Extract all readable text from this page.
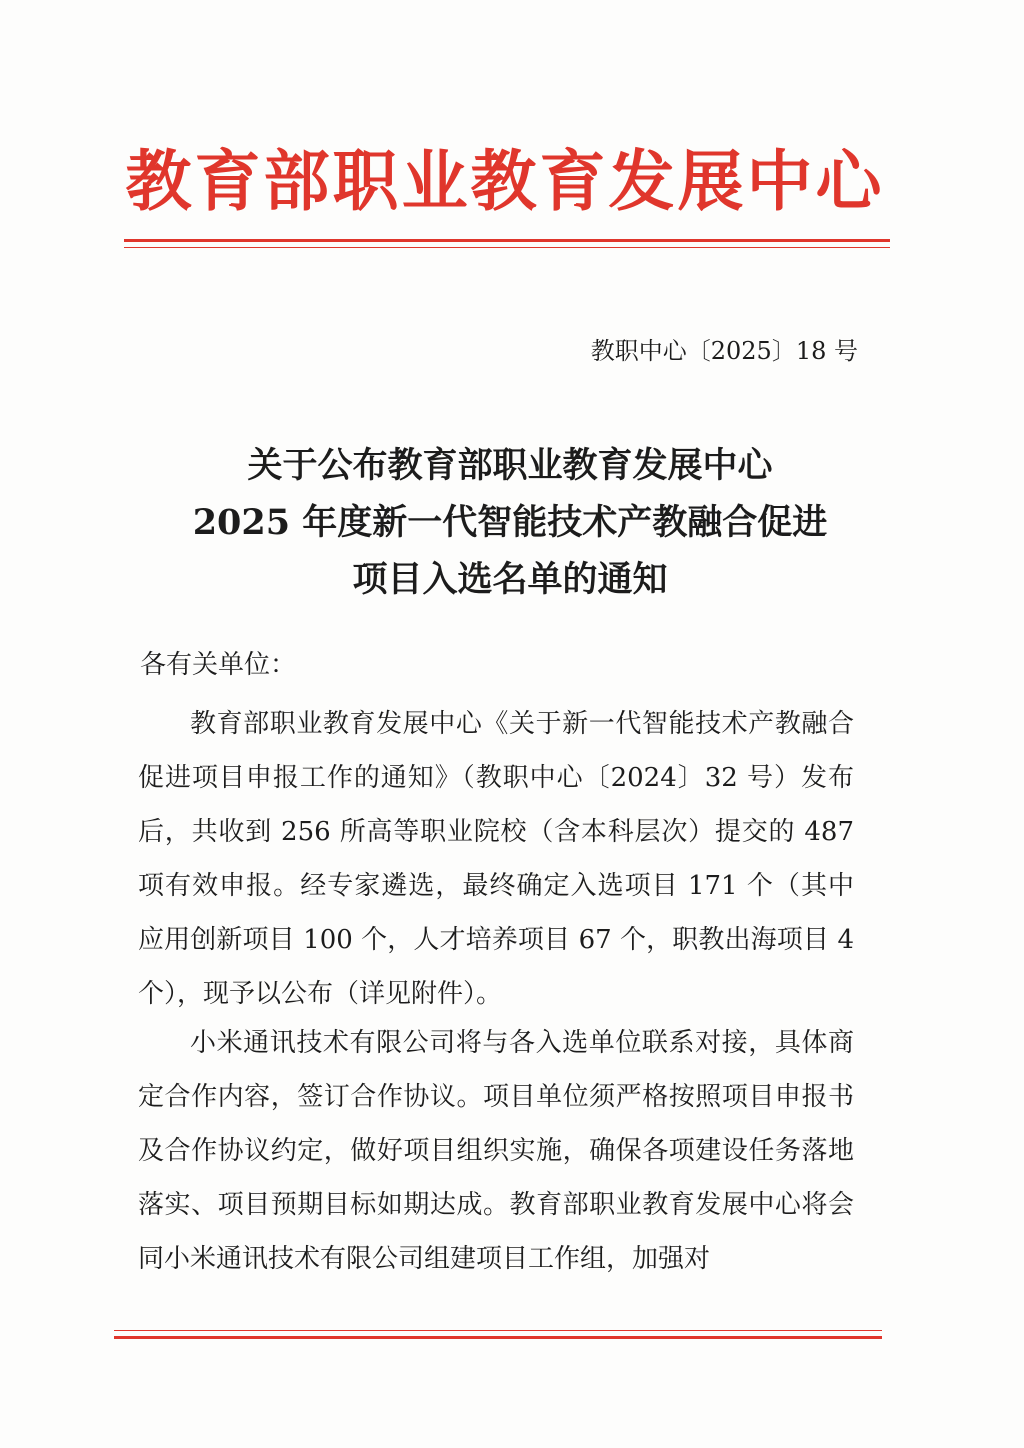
教育部职业教育发展中心
教职中心〔2025〕18 号
关于公布教育部职业教育发展中心
2025 年度新一代智能技术产教融合促进
项目入选名单的通知
各有关单位：
教育部职业教育发展中心《关于新一代智能技术产教融合促进项目申报工作的通知》（教职中心〔2024〕32 号）发布后，共收到 256 所高等职业院校（含本科层次）提交的 487 项有效申报。经专家遴选，最终确定入选项目 171 个（其中应用创新项目 100 个，人才培养项目 67 个，职教出海项目 4 个），现予以公布（详见附件）。
小米通讯技术有限公司将与各入选单位联系对接，具体商定合作内容，签订合作协议。项目单位须严格按照项目申报书及合作协议约定，做好项目组织实施，确保各项建设任务落地落实、项目预期目标如期达成。教育部职业教育发展中心将会同小米通讯技术有限公司组建项目工作组，加强对
